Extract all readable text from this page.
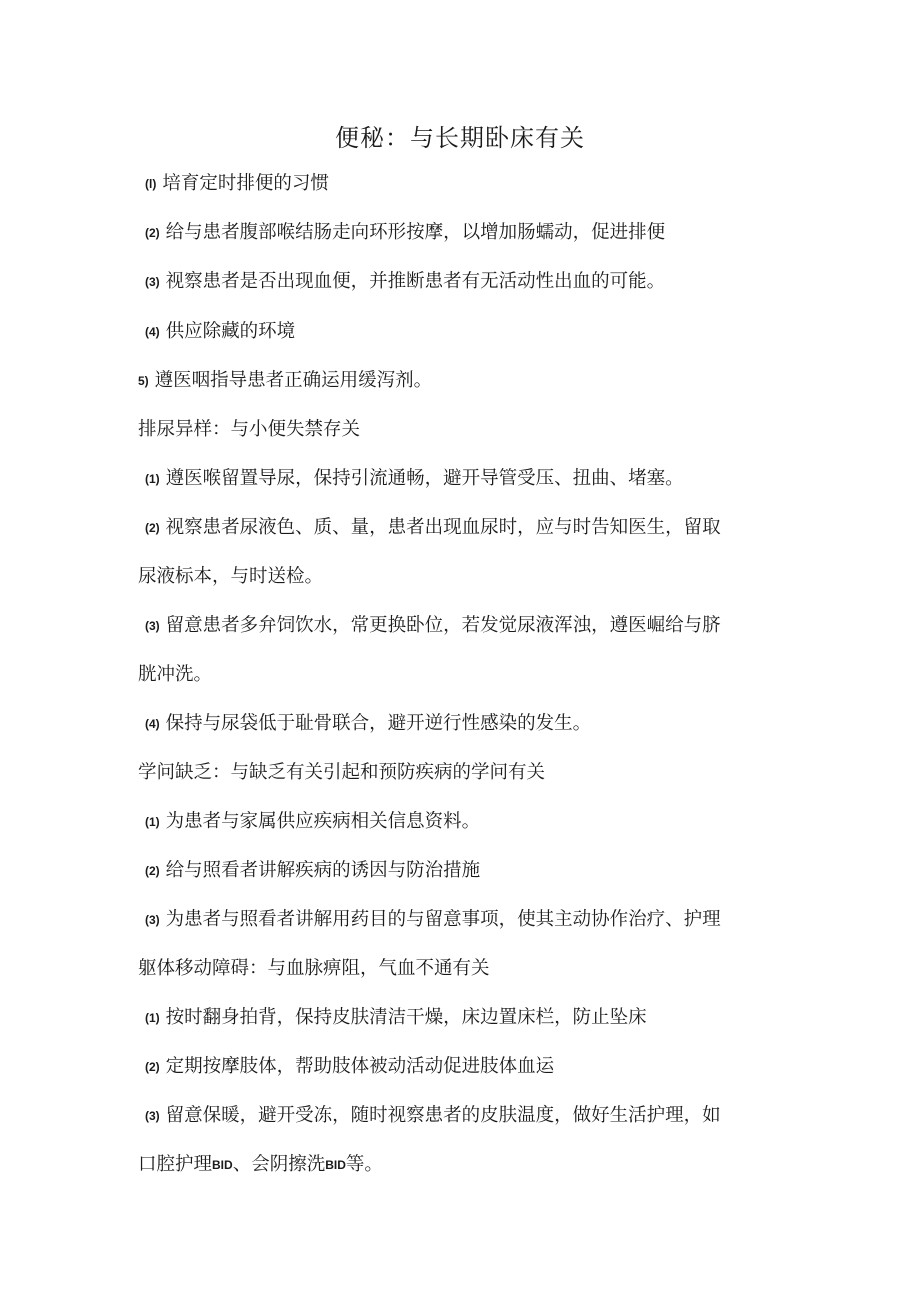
便秘：与长期卧床有关
(l) 培育定时排便的习惯
(2) 给与患者腹部喉结肠走向环形按摩，以增加肠蠕动，促进排便
(3) 视察患者是否出现血便，并推断患者有无活动性出血的可能。
(4) 供应除藏的环境
5) 遵医咽指导患者正确运用缓泻剂。
排尿异样：与小便失禁存关
(1) 遵医喉留置导尿，保持引流通畅，避开导管受压、扭曲、堵塞。
(2) 视察患者尿液色、质、量，患者出现血尿时，应与时告知医生，留取
尿液标本，与时送检。
(3) 留意患者多弁饲饮水，常更换卧位，若发觉尿液浑浊，遵医崛给与脐
胱冲洗。
(4) 保持与尿袋低于耻骨联合，避开逆行性感染的发生。
学问缺乏：与缺乏有关引起和预防疾病的学问有关
(1) 为患者与家属供应疾病相关信息资料。
(2) 给与照看者讲解疾病的诱因与防治措施
(3) 为患者与照看者讲解用药目的与留意事项，使其主动协作治疗、护理
躯体移动障碍：与血脉痹阻，气血不通有关
(1) 按时翻身拍背，保持皮肤清洁干燥，床边置床栏，防止坠床
(2) 定期按摩肢体，帮助肢体被动活动促进肢体血运
(3) 留意保暖，避开受冻，随时视察患者的皮肤温度，做好生活护理，如
口腔护理BID、会阴擦洗BID等。
